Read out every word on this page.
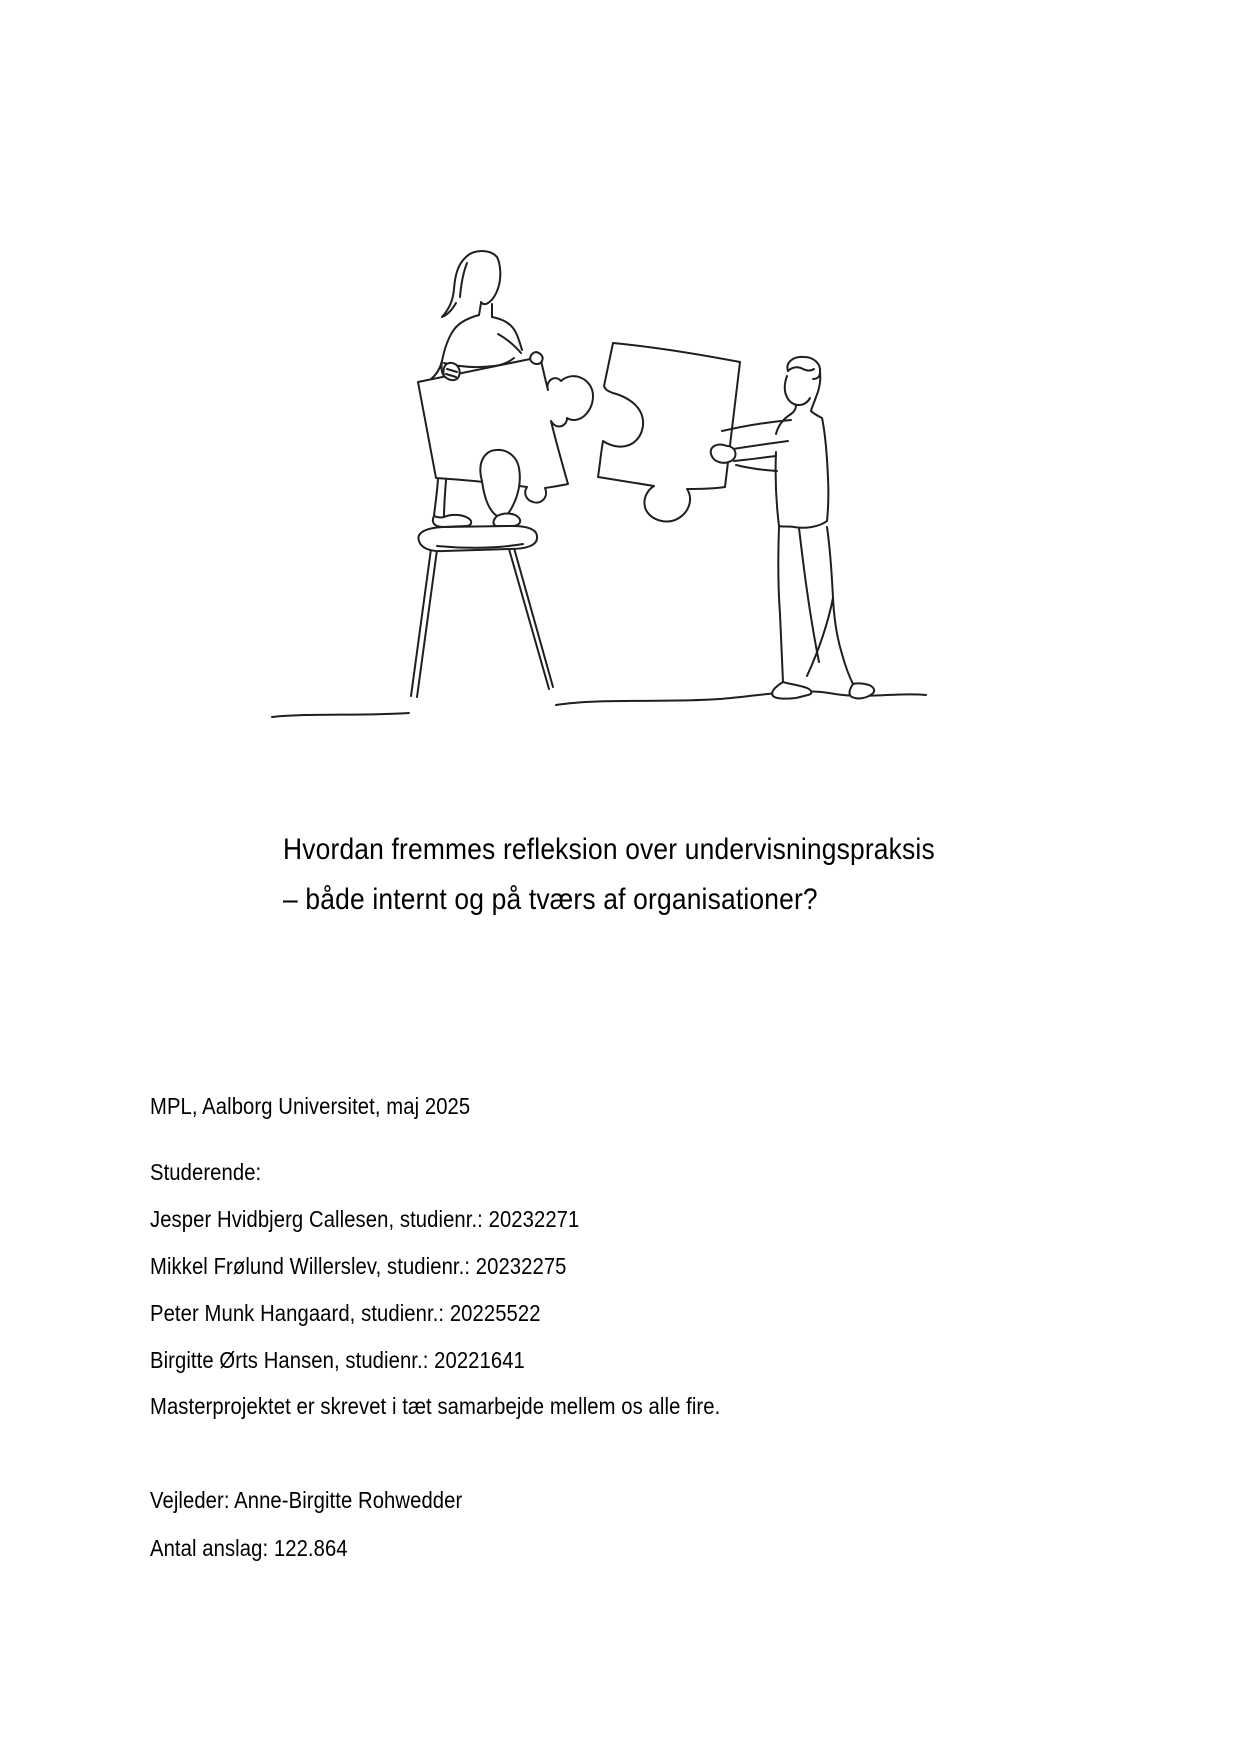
Hvordan fremmes refleksion over undervisningspraksis
– både internt og på tværs af organisationer?
MPL, Aalborg Universitet, maj 2025
Studerende:
Jesper Hvidbjerg Callesen, studienr.: 20232271
Mikkel Frølund Willerslev, studienr.: 20232275
Peter Munk Hangaard, studienr.: 20225522
Birgitte Ørts Hansen, studienr.: 20221641
Masterprojektet er skrevet i tæt samarbejde mellem os alle fire.
Vejleder: Anne-Birgitte Rohwedder
Antal anslag: 122.864
